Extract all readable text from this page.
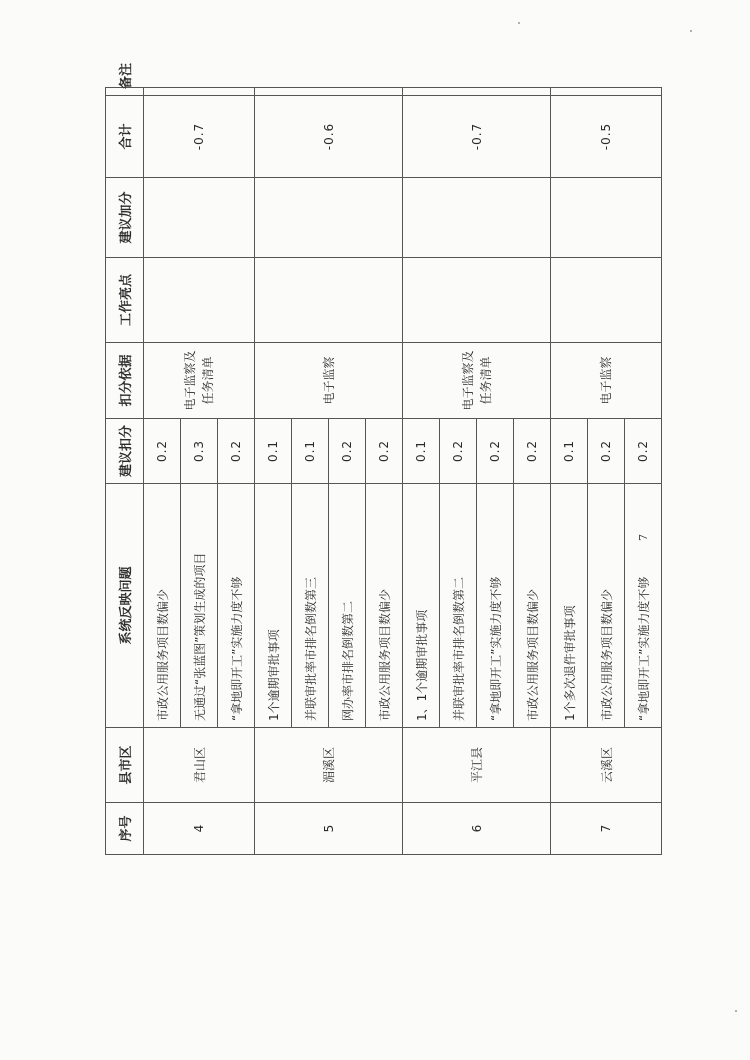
序号	县市区	系统反映问题	建议扣分	扣分依据	工作亮点	建议加分	合计	备注
4	君山区	市政公用服务项目数偏少	0.2	电子监察及任务清单			-0.7	
		无通过“张蓝图”策划生成的项目	0.3					
		“拿地即开工”实施力度不够	0.2					
5	湄溪区	1个逾期审批事项	0.1	电子监察			-0.6	
		并联审批率市排名倒数第三	0.1					
		网办率市排名倒数第二	0.2					
		市政公用服务项目数偏少	0.2					
6	平江县	1、1个逾期审批事项	0.1	电子监察及任务清单			-0.7	
		并联审批率市排名倒数第二	0.2					
		“拿地即开工”实施力度不够	0.2					
		市政公用服务项目数偏少	0.2					
7	云溪区	1个多次退件审批事项	0.1	电子监察			-0.5	
		市政公用服务项目数偏少	0.2					
		“拿地即开工”实施力度不够	0.2					
7
